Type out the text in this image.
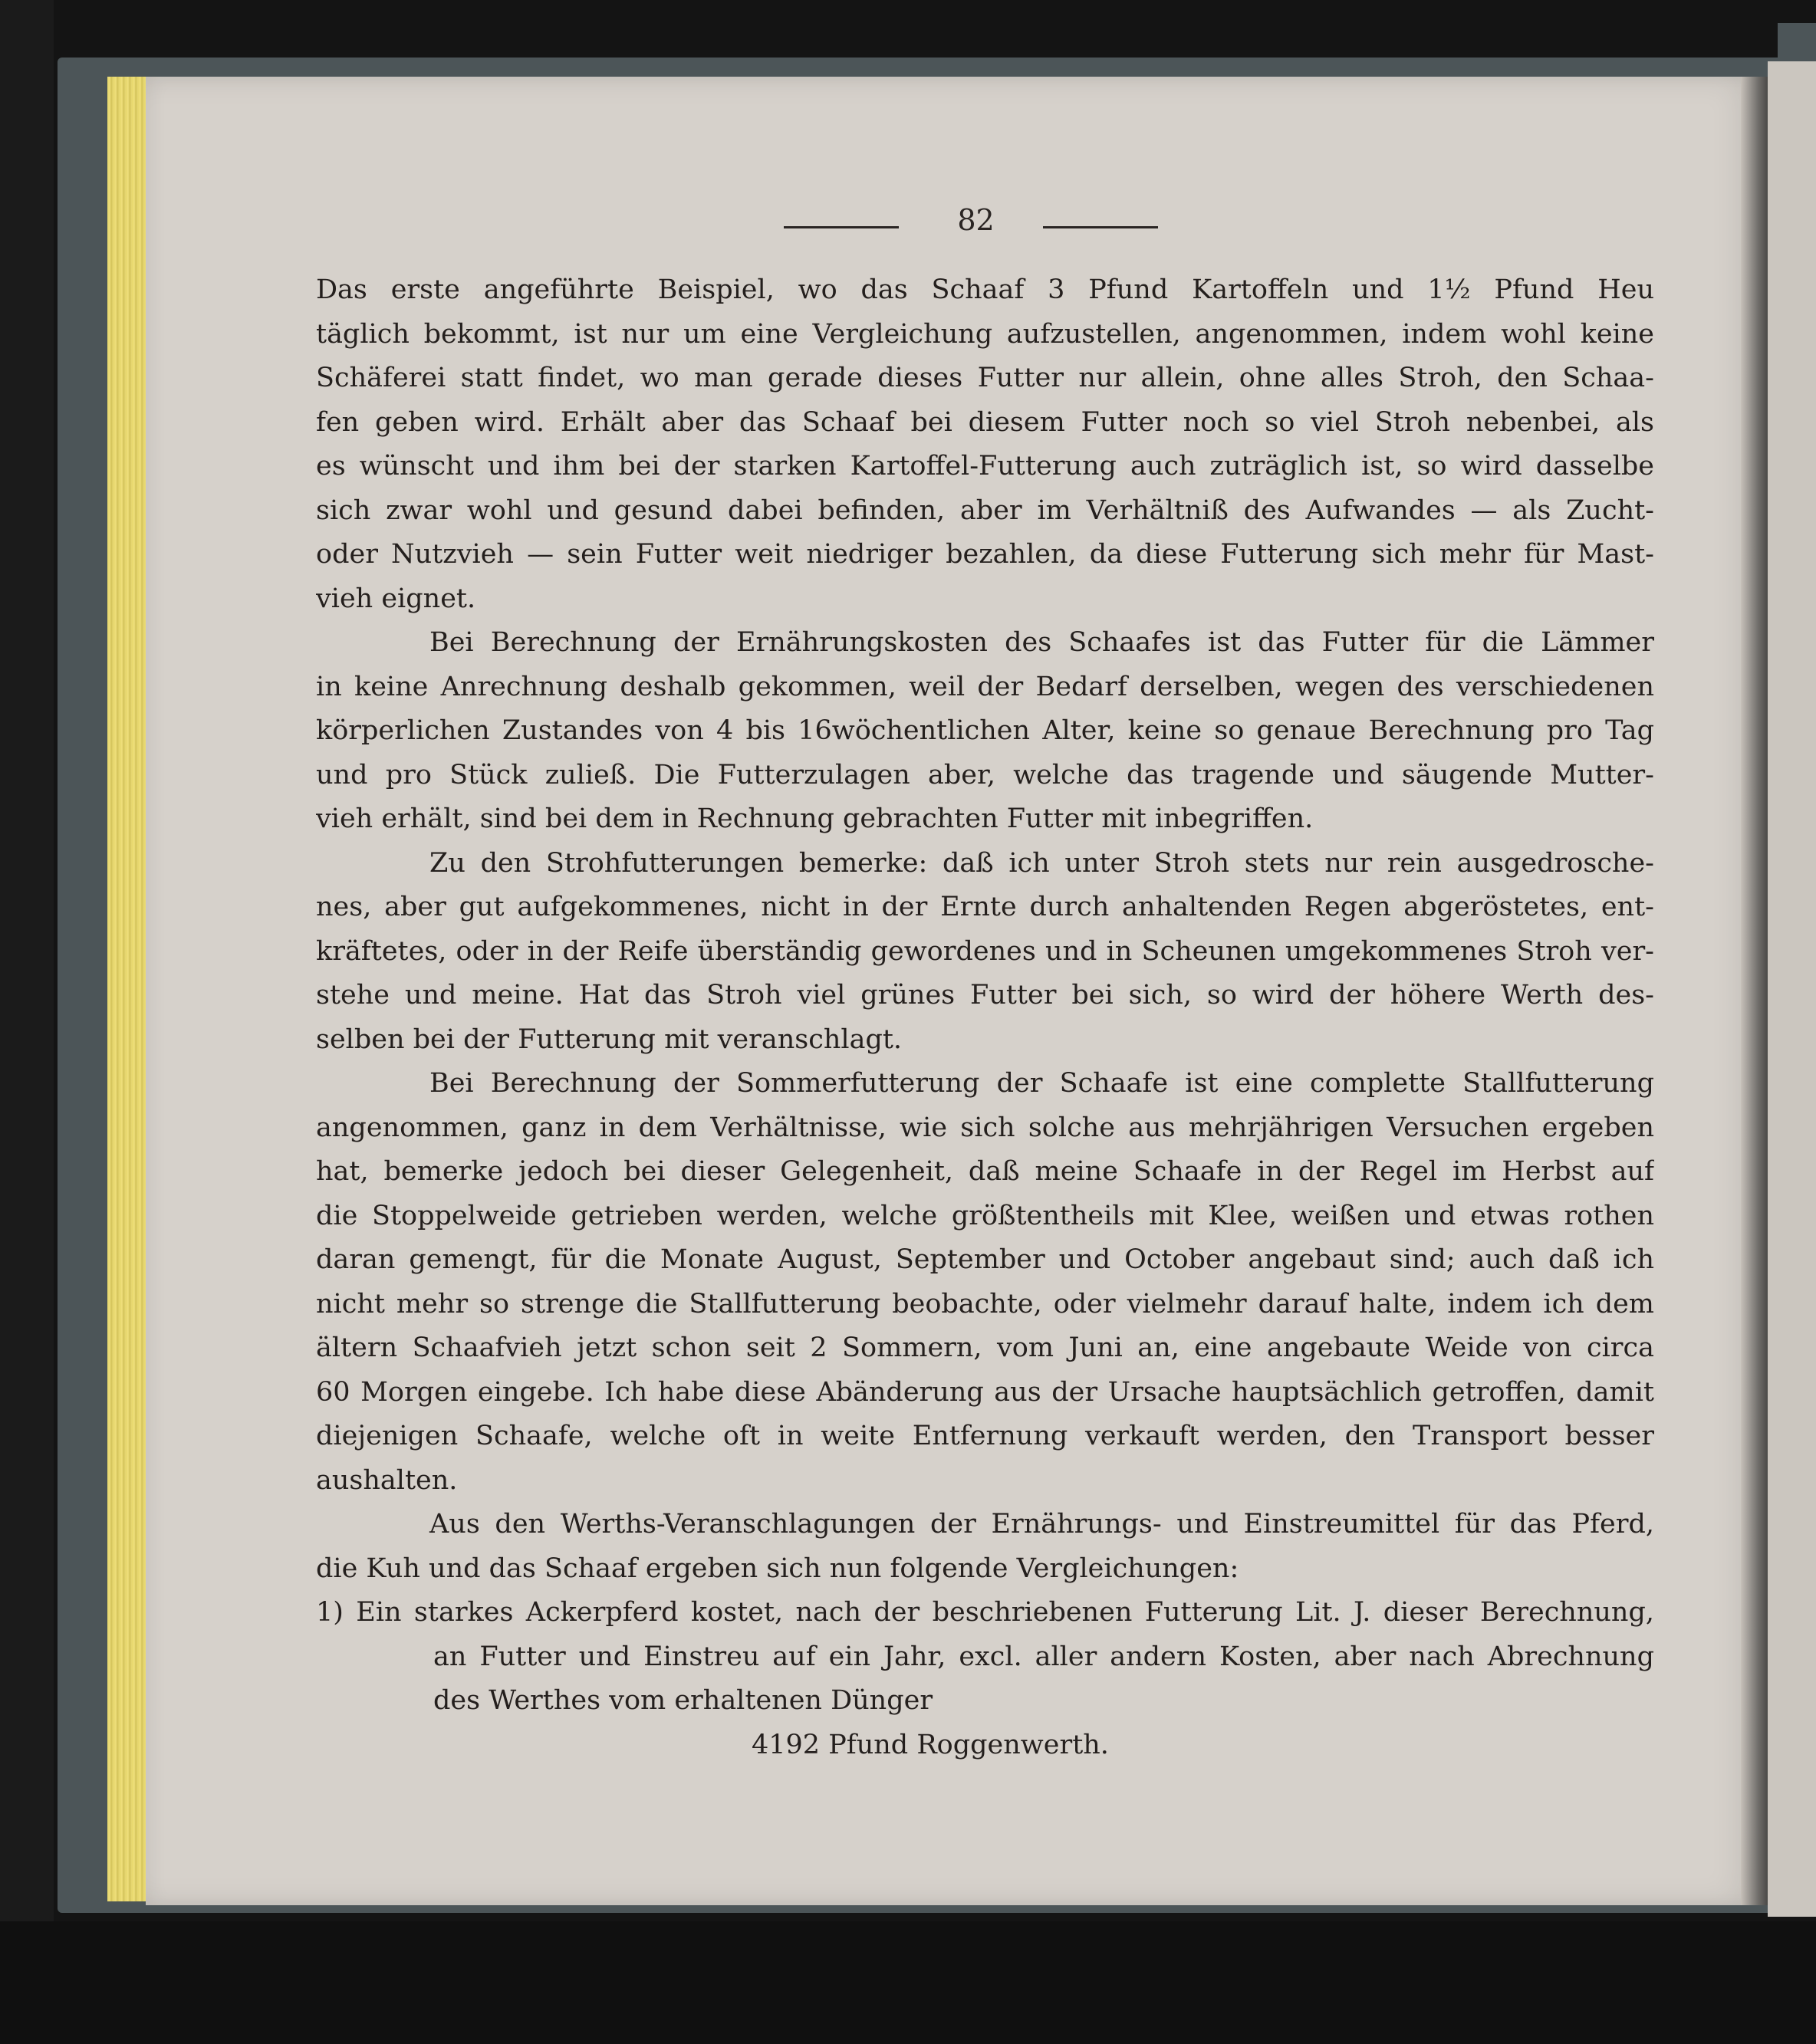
82
Das erste angeführte Beispiel, wo das Schaaf 3 Pfund Kartoffeln und 1½ Pfund Heu
täglich bekommt, ist nur um eine Vergleichung aufzustellen, angenommen, indem wohl keine
Schäferei statt findet, wo man gerade dieses Futter nur allein, ohne alles Stroh, den Schaa-
fen geben wird. Erhält aber das Schaaf bei diesem Futter noch so viel Stroh nebenbei, als
es wünscht und ihm bei der starken Kartoffel-Futterung auch zuträglich ist, so wird dasselbe
sich zwar wohl und gesund dabei befinden, aber im Verhältniß des Aufwandes — als Zucht-
oder Nutzvieh — sein Futter weit niedriger bezahlen, da diese Futterung sich mehr für Mast-
vieh eignet.
Bei Berechnung der Ernährungskosten des Schaafes ist das Futter für die Lämmer
in keine Anrechnung deshalb gekommen, weil der Bedarf derselben, wegen des verschiedenen
körperlichen Zustandes von 4 bis 16wöchentlichen Alter, keine so genaue Berechnung pro Tag
und pro Stück zuließ. Die Futterzulagen aber, welche das tragende und säugende Mutter-
vieh erhält, sind bei dem in Rechnung gebrachten Futter mit inbegriffen.
Zu den Strohfutterungen bemerke: daß ich unter Stroh stets nur rein ausgedrosche-
nes, aber gut aufgekommenes, nicht in der Ernte durch anhaltenden Regen abgeröstetes, ent-
kräftetes, oder in der Reife überständig gewordenes und in Scheunen umgekommenes Stroh ver-
stehe und meine. Hat das Stroh viel grünes Futter bei sich, so wird der höhere Werth des-
selben bei der Futterung mit veranschlagt.
Bei Berechnung der Sommerfutterung der Schaafe ist eine complette Stallfutterung
angenommen, ganz in dem Verhältnisse, wie sich solche aus mehrjährigen Versuchen ergeben
hat, bemerke jedoch bei dieser Gelegenheit, daß meine Schaafe in der Regel im Herbst auf
die Stoppelweide getrieben werden, welche größtentheils mit Klee, weißen und etwas rothen
daran gemengt, für die Monate August, September und October angebaut sind; auch daß ich
nicht mehr so strenge die Stallfutterung beobachte, oder vielmehr darauf halte, indem ich dem
ältern Schaafvieh jetzt schon seit 2 Sommern, vom Juni an, eine angebaute Weide von circa
60 Morgen eingebe. Ich habe diese Abänderung aus der Ursache hauptsächlich getroffen, damit
diejenigen Schaafe, welche oft in weite Entfernung verkauft werden, den Transport besser
aushalten.
Aus den Werths-Veranschlagungen der Ernährungs- und Einstreumittel für das Pferd,
die Kuh und das Schaaf ergeben sich nun folgende Vergleichungen:
1) Ein starkes Ackerpferd kostet, nach der beschriebenen Futterung Lit. J. dieser Berechnung,
an Futter und Einstreu auf ein Jahr, excl. aller andern Kosten, aber nach Abrechnung
des Werthes vom erhaltenen Dünger
4192 Pfund Roggenwerth.
